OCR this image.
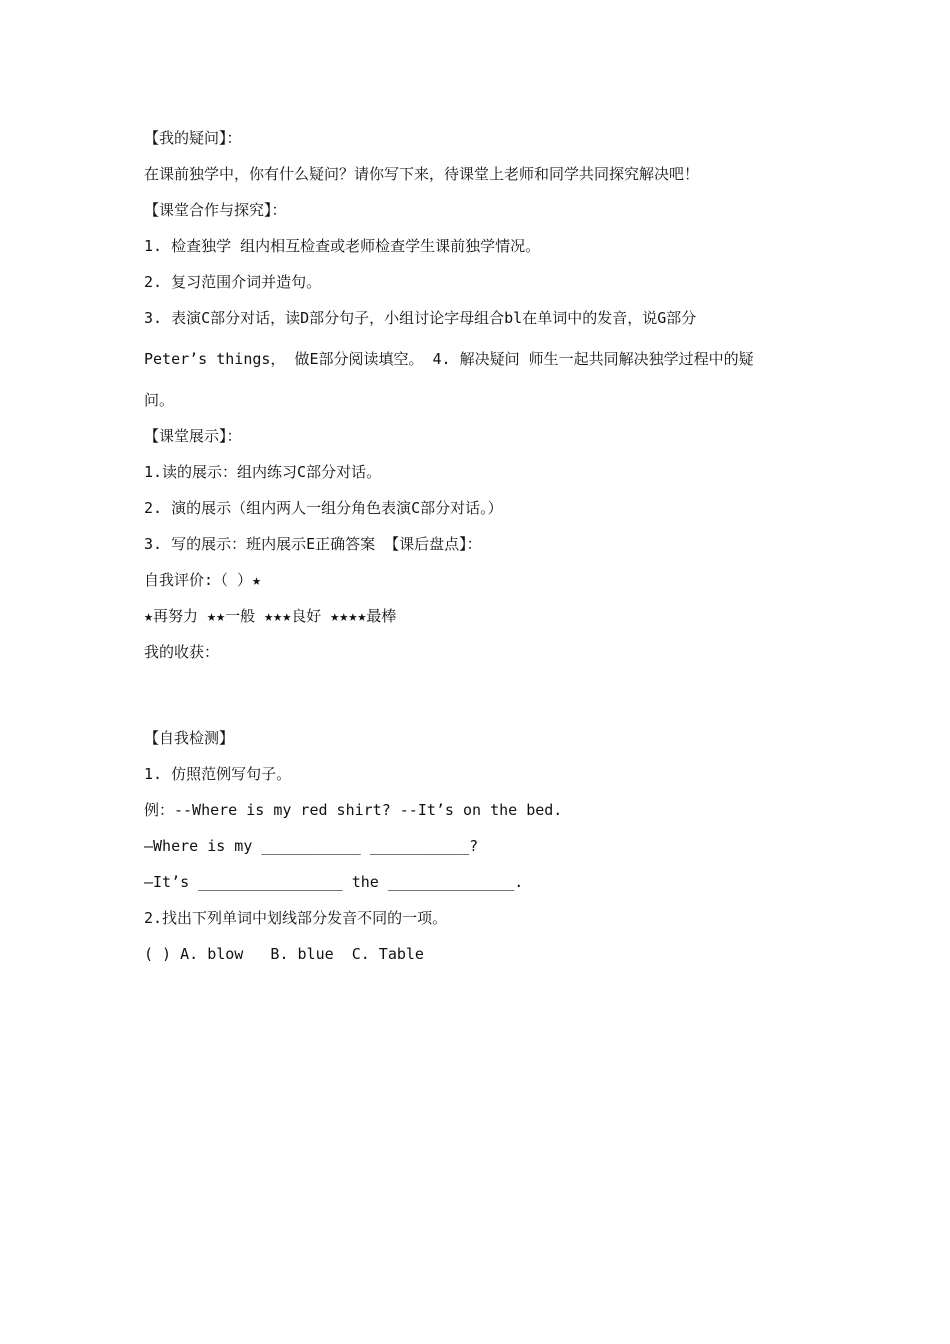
【我的疑问】：
在课前独学中，你有什么疑问？请你写下来，待课堂上老师和同学共同探究解决吧！
【课堂合作与探究】：
1. 检查独学 组内相互检查或老师检查学生课前独学情况。
2. 复习范围介词并造句。
3. 表演C部分对话，读D部分句子，小组讨论字母组合bl在单词中的发音，说G部分
Peter’s things， 做E部分阅读填空。 4. 解决疑问 师生一起共同解决独学过程中的疑
问。
【课堂展示】：
1.读的展示：组内练习C部分对话。
2. 演的展示（组内两人一组分角色表演C部分对话。）
3. 写的展示：班内展示E正确答案 【课后盘点】：
自我评价:（ ）★
★再努力 ★★一般 ★★★良好 ★★★★最棒
我的收获：
【自我检测】
1. 仿照范例写句子。
例：--Where is my red shirt? --It’s on the bed.
—Where is my ___________ ___________?
—It’s ________________ the ______________.
2.找出下列单词中划线部分发音不同的一项。
( ) A. blow   B. blue  C. Table
